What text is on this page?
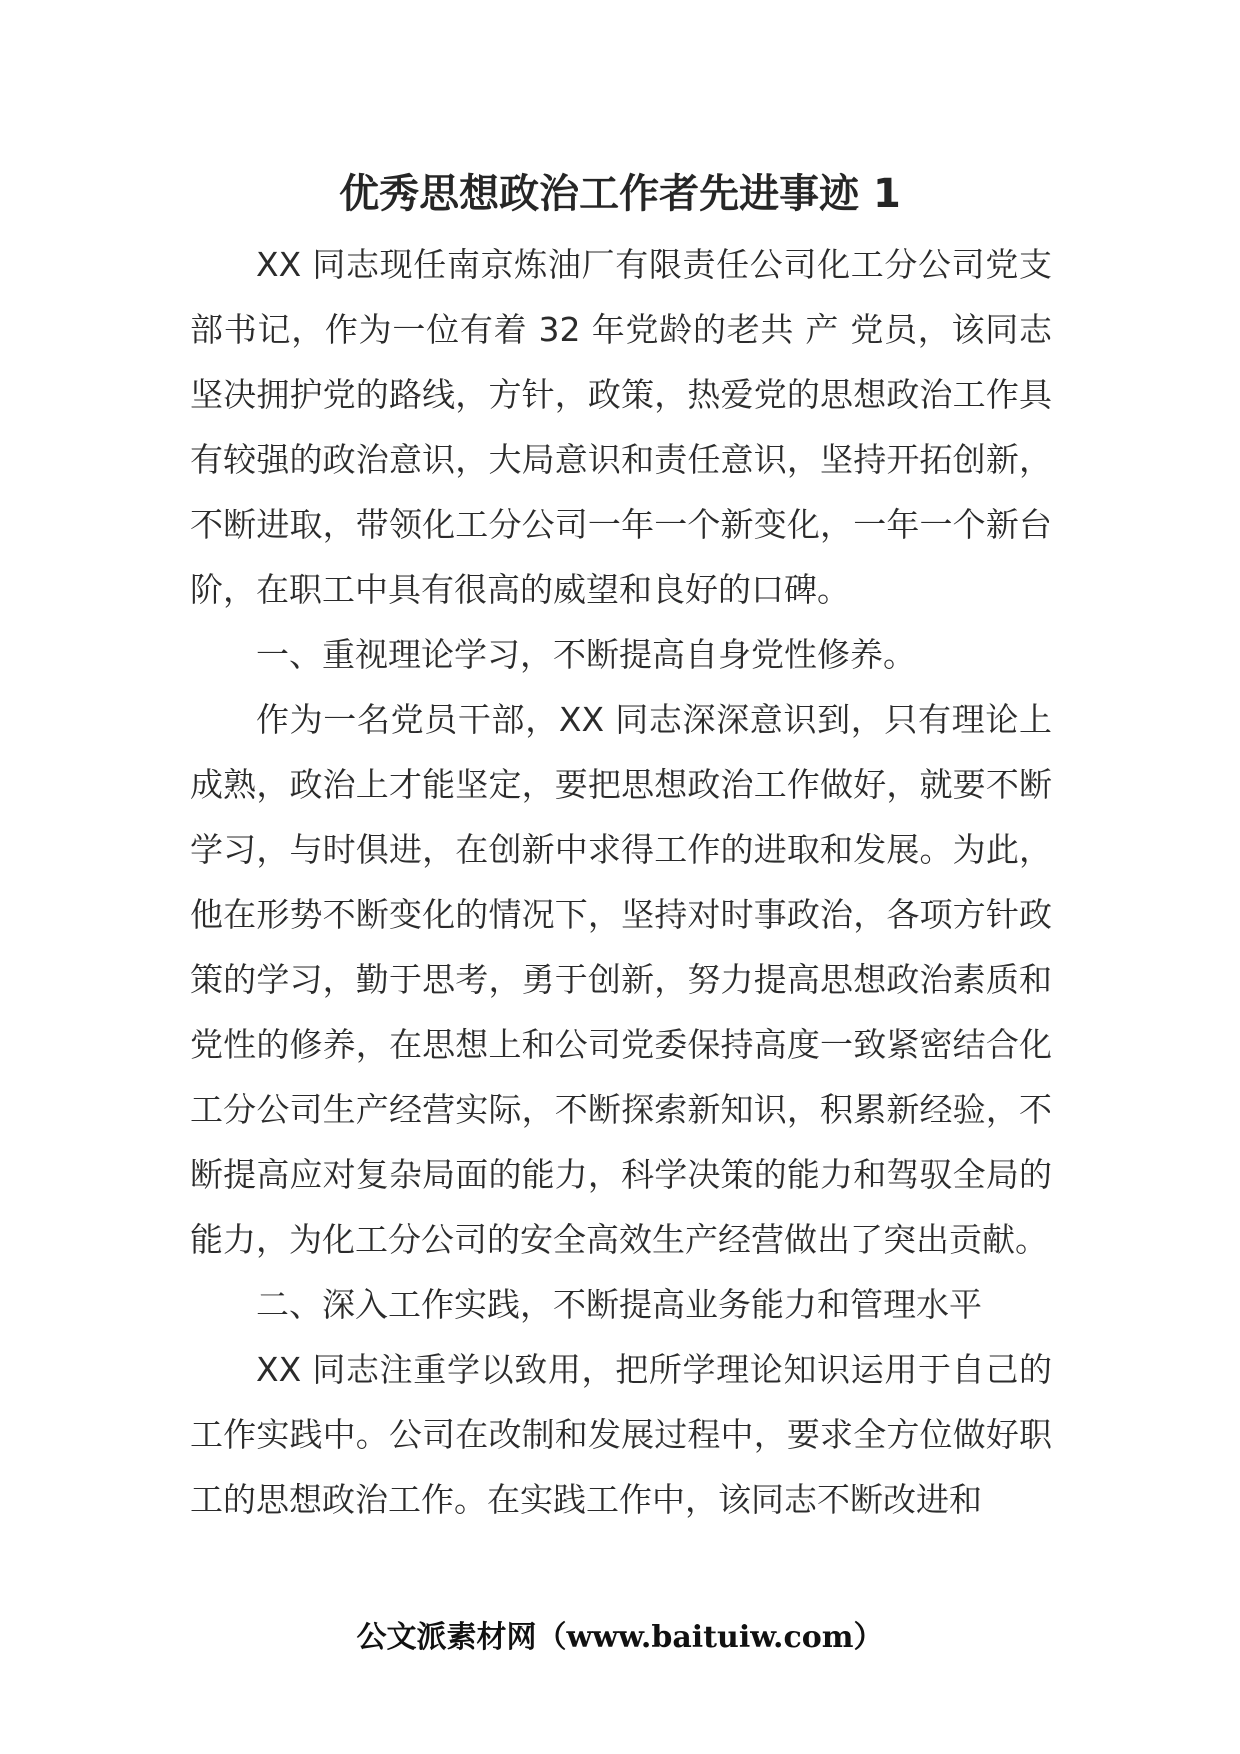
优秀思想政治工作者先进事迹 1

XX 同志现任南京炼油厂有限责任公司化工分公司党支部书记，作为一位有着 32 年党龄的老共 产 党员，该同志坚决拥护党的路线，方针，政策，热爱党的思想政治工作具有较强的政治意识，大局意识和责任意识，坚持开拓创新，不断进取，带领化工分公司一年一个新变化，一年一个新台阶，在职工中具有很高的威望和良好的口碑。

一、重视理论学习，不断提高自身党性修养。

作为一名党员干部，XX 同志深深意识到，只有理论上成熟，政治上才能坚定，要把思想政治工作做好，就要不断学习，与时俱进，在创新中求得工作的进取和发展。为此，他在形势不断变化的情况下，坚持对时事政治，各项方针政策的学习，勤于思考，勇于创新，努力提高思想政治素质和党性的修养，在思想上和公司党委保持高度一致紧密结合化工分公司生产经营实际，不断探索新知识，积累新经验，不断提高应对复杂局面的能力，科学决策的能力和驾驭全局的能力，为化工分公司的安全高效生产经营做出了突出贡献。

二、深入工作实践，不断提高业务能力和管理水平

XX 同志注重学以致用，把所学理论知识运用于自己的工作实践中。公司在改制和发展过程中，要求全方位做好职工的思想政治工作。在实践工作中，该同志不断改进和

公文派素材网（www.baituiw.com）
